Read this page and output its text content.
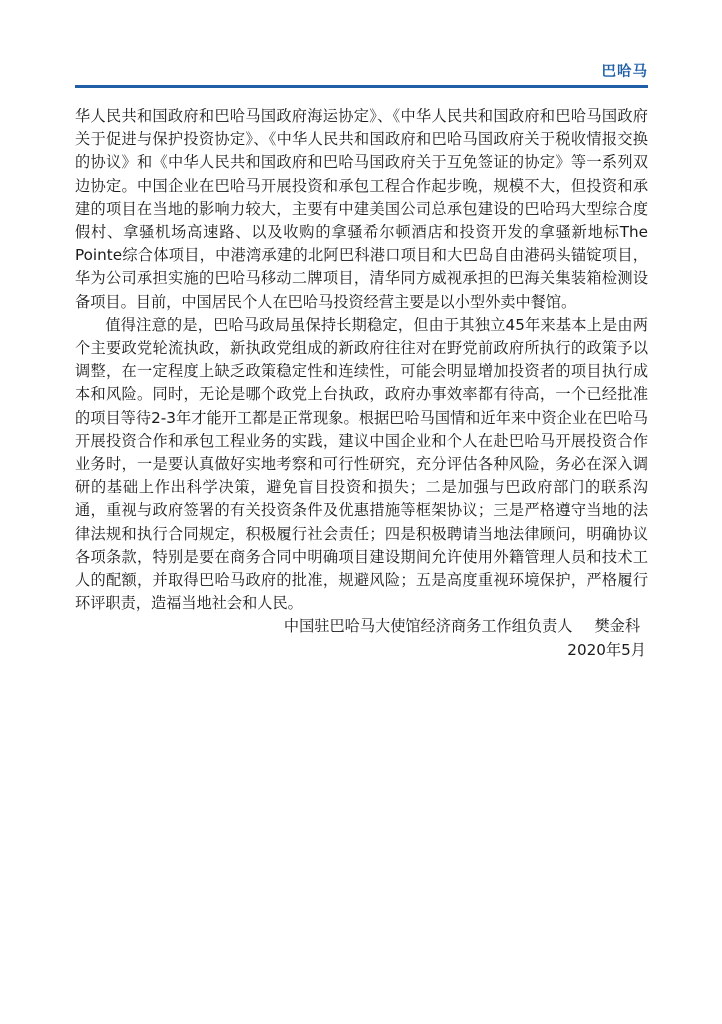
巴哈马

华人民共和国政府和巴哈马国政府海运协定》、《中华人民共和国政府和巴哈马国政府关于促进与保护投资协定》、《中华人民共和国政府和巴哈马国政府关于税收情报交换的协议》和《中华人民共和国政府和巴哈马国政府关于互免签证的协定》等一系列双边协定。中国企业在巴哈马开展投资和承包工程合作起步晚，规模不大，但投资和承建的项目在当地的影响力较大，主要有中建美国公司总承包建设的巴哈玛大型综合度假村、拿骚机场高速路、以及收购的拿骚希尔顿酒店和投资开发的拿骚新地标The Pointe综合体项目，中港湾承建的北阿巴科港口项目和大巴岛自由港码头锚锭项目，华为公司承担实施的巴哈马移动二牌项目，清华同方威视承担的巴海关集装箱检测设备项目。目前，中国居民个人在巴哈马投资经营主要是以小型外卖中餐馆。

值得注意的是，巴哈马政局虽保持长期稳定，但由于其独立45年来基本上是由两个主要政党轮流执政，新执政党组成的新政府往往对在野党前政府所执行的政策予以调整，在一定程度上缺乏政策稳定性和连续性，可能会明显增加投资者的项目执行成本和风险。同时，无论是哪个政党上台执政，政府办事效率都有待高，一个已经批准的项目等待2-3年才能开工都是正常现象。根据巴哈马国情和近年来中资企业在巴哈马开展投资合作和承包工程业务的实践，建议中国企业和个人在赴巴哈马开展投资合作业务时，一是要认真做好实地考察和可行性研究，充分评估各种风险，务必在深入调研的基础上作出科学决策，避免盲目投资和损失；二是加强与巴政府部门的联系沟通，重视与政府签署的有关投资条件及优惠措施等框架协议；三是严格遵守当地的法律法规和执行合同规定，积极履行社会责任；四是积极聘请当地法律顾问，明确协议各项条款，特别是要在商务合同中明确项目建设期间允许使用外籍管理人员和技术工人的配额，并取得巴哈马政府的批准，规避风险；五是高度重视环境保护，严格履行环评职责，造福当地社会和人民。

中国驻巴哈马大使馆经济商务工作组负责人 樊金科

2020年5月
